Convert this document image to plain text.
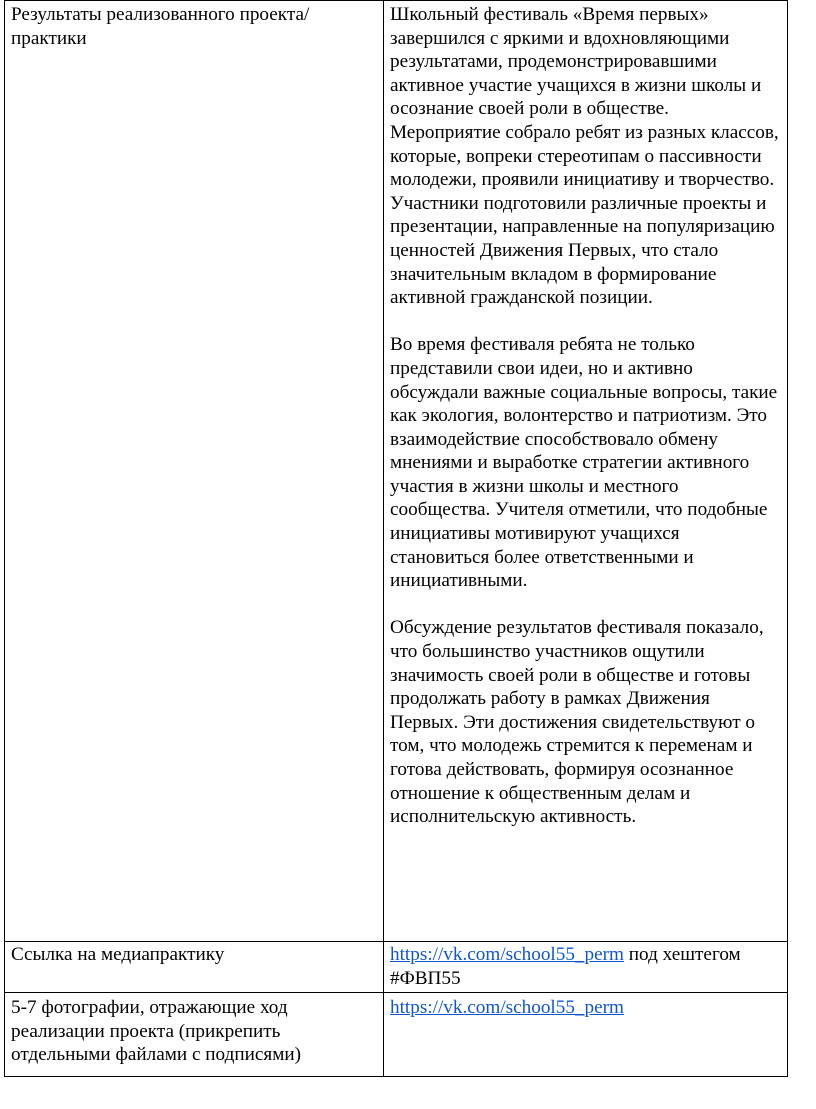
Результаты реализованного проекта/практики	Школьный фестиваль «Время первых» завершился с яркими и вдохновляющими результатами, продемонстрировавшими активное участие учащихся в жизни школы и осознание своей роли в обществе. Мероприятие собрало ребят из разных классов, которые, вопреки стереотипам о пассивности молодежи, проявили инициативу и творчество. Участники подготовили различные проекты и презентации, направленные на популяризацию ценностей Движения Первых, что стало значительным вкладом в формирование активной гражданской позиции.

Во время фестиваля ребята не только представили свои идеи, но и активно обсуждали важные социальные вопросы, такие как экология, волонтерство и патриотизм. Это взаимодействие способствовало обмену мнениями и выработке стратегии активного участия в жизни школы и местного сообщества. Учителя отметили, что подобные инициативы мотивируют учащихся становиться более ответственными и инициативными.

Обсуждение результатов фестиваля показало, что большинство участников ощутили значимость своей роли в обществе и готовы продолжать работу в рамках Движения Первых. Эти достижения свидетельствуют о том, что молодежь стремится к переменам и готова действовать, формируя осознанное отношение к общественным делам и исполнительскую активность.

Ссылка на медиапрактику	https://vk.com/school55_perm под хештегом #ФВП55
5-7 фотографии, отражающие ход реализации проекта (прикрепить отдельными файлами с подписями)	https://vk.com/school55_perm
